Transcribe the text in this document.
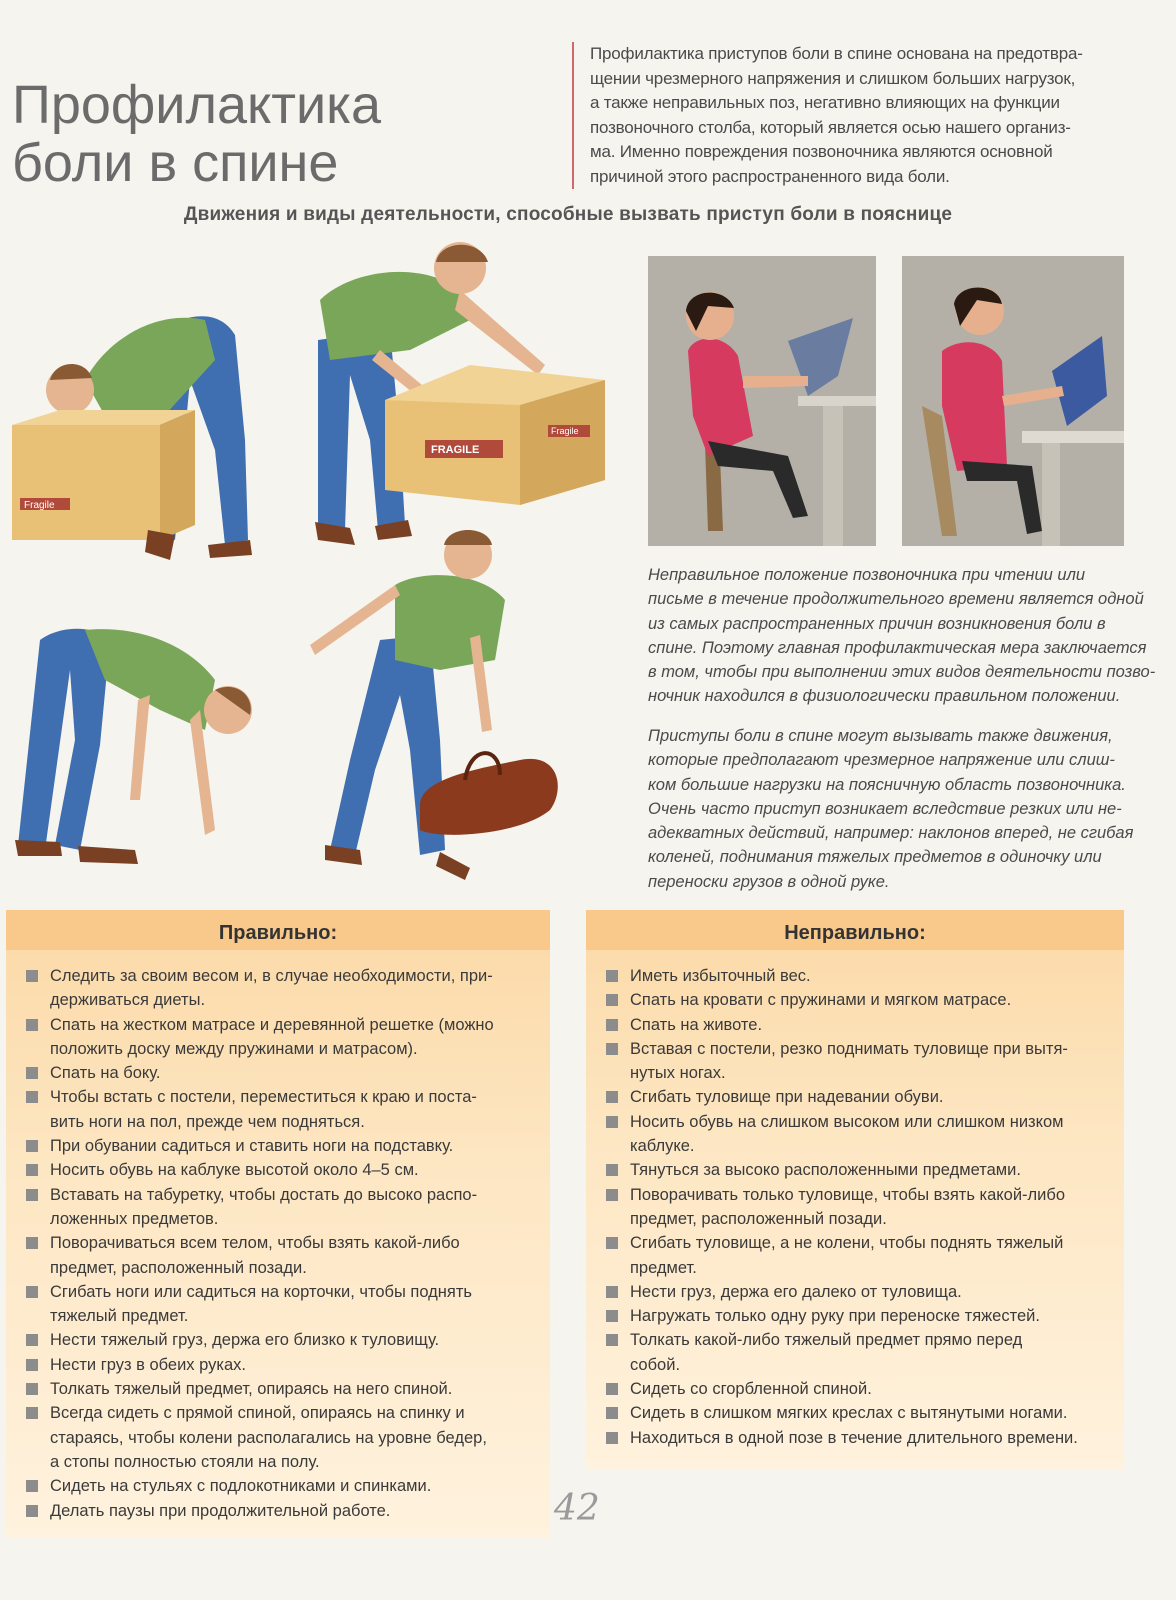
Профилактика
боли в спине
Профилактика приступов боли в спине основана на предотвра-
щении чрезмерного напряжения и слишком больших нагрузок,
а также неправильных поз, негативно влияющих на функции
позвоночного столба, который является осью нашего организ-
ма. Именно повреждения позвоночника являются основной
причиной этого распространенного вида боли.
Движения и виды деятельности, способные вызвать приступ боли в пояснице
Fragile
FRAGILE
Fragile
Неправильное положение позвоночника при чтении или
письме в течение продолжительного времени является одной
из самых распространенных причин возникновения боли в
спине. Поэтому главная профилактическая мера заключается
в том, чтобы при выполнении этих видов деятельности позво-
ночник находился в физиологически правильном положении.
Приступы боли в спине могут вызывать также движения,
которые предполагают чрезмерное напряжение или слиш-
ком большие нагрузки на поясничную область позвоночника.
Очень часто приступ возникает вследствие резких или не-
адекватных действий, например: наклонов вперед, не сгибая
коленей, поднимания тяжелых предметов в одиночку или
переноски грузов в одной руке.
Правильно:
Следить за своим весом и, в случае необходимости, при-
держиваться диеты.
Спать на жестком матрасе и деревянной решетке (можно
положить доску между пружинами и матрасом).
Спать на боку.
Чтобы встать с постели, переместиться к краю и поста-
вить ноги на пол, прежде чем подняться.
При обувании садиться и ставить ноги на подставку.
Носить обувь на каблуке высотой около 4–5 см.
Вставать на табуретку, чтобы достать до высоко распо-
ложенных предметов.
Поворачиваться всем телом, чтобы взять какой-либо
предмет, расположенный позади.
Сгибать ноги или садиться на корточки, чтобы поднять
тяжелый предмет.
Нести тяжелый груз, держа его близко к туловищу.
Нести груз в обеих руках.
Толкать тяжелый предмет, опираясь на него спиной.
Всегда сидеть с прямой спиной, опираясь на спинку и
стараясь, чтобы колени располагались на уровне бедер,
а стопы полностью стояли на полу.
Сидеть на стульях с подлокотниками и спинками.
Делать паузы при продолжительной работе.
Неправильно:
Иметь избыточный вес.
Спать на кровати с пружинами и мягком матрасе.
Спать на животе.
Вставая с постели, резко поднимать туловище при вытя-
нутых ногах.
Сгибать туловище при надевании обуви.
Носить обувь на слишком высоком или слишком низком
каблуке.
Тянуться за высоко расположенными предметами.
Поворачивать только туловище, чтобы взять какой-либо
предмет, расположенный позади.
Сгибать туловище, а не колени, чтобы поднять тяжелый
предмет.
Нести груз, держа его далеко от туловища.
Нагружать только одну руку при переноске тяжестей.
Толкать какой-либо тяжелый предмет прямо перед
собой.
Сидеть со сгорбленной спиной.
Сидеть в слишком мягких креслах с вытянутыми ногами.
Находиться в одной позе в течение длительного времени.
42
